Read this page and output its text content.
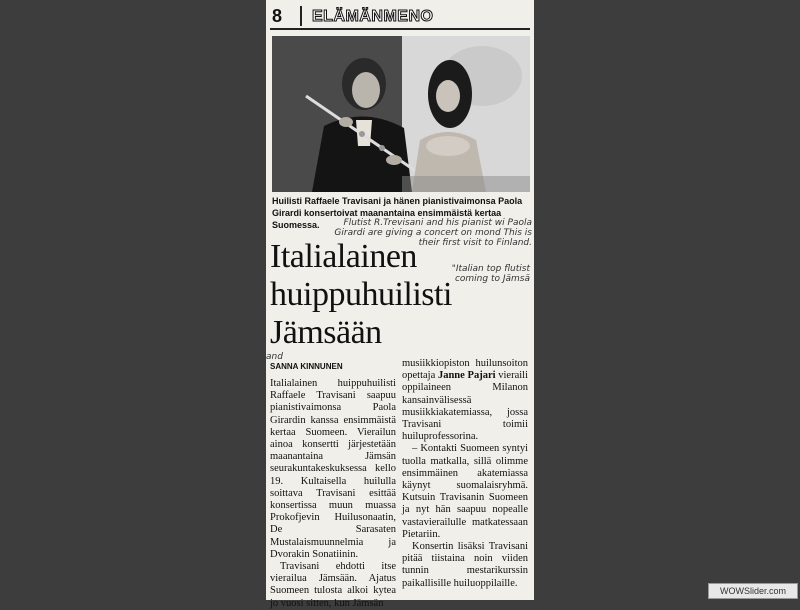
8	ELÄMÄNMENO
Huilisti Raffaele Travisani ja hänen pianistivaimonsa Paola Girardi konsertoivat maanantaina ensimmäistä kertaa Suomessa.	Flutist R.Trevisani and his pianist wi Paola Girardi are giving a concert on mond This is their first visit to Finland.
Italialainen
huippuhuilisti
Jämsään
"Italian top flutist coming to Jämsä
and
SANNA KINNUNEN

Italialainen huippuhuilisti Raffaele Travisani saapuu pianistivaimonsa Paola Girardin kanssa ensimmäistä kertaa Suomeen. Vierailun ainoa konsertti järjestetään maanantaina Jämsän seurakuntakeskuksessa kello 19. Kultaisella huilulla soittava Travisani esittää konsertissa muun muassa Prokofjevin Huilusonaatin, De Sarasaten Mustalaismuunnelmia ja Dvorakin Sonatiinin.

Travisani ehdotti itse vierailua Jämsään. Ajatus Suomeen tulosta alkoi kytea jo vuosi sitten, kun Jämsän

musiikkiopiston huilunsoiton opettaja Janne Pajari vieraili oppilaineen Milanon kansainvälisessä musiikkiakatemiassa, jossa Travisani toimii huiluprofessorina.

– Kontakti Suomeen syntyi tuolla matkalla, sillä olimme ensimmäinen akatemiassa käynyt suomalaisryhmä. Kutsuin Travisanin Suomeen ja nyt hän saapuu nopealle vastavierailulle matkatessaan Pietariin.

Konsertin lisäksi Travisani pitää tiistaina noin viiden tunnin mestarikurssin paikallisille huiluoppilaille.

WOWSlider.com
